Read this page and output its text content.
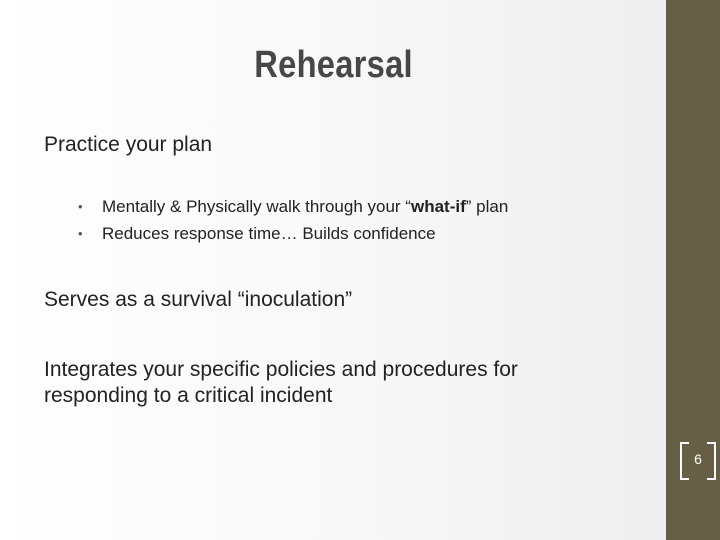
Rehearsal
Practice your plan
• Mentally & Physically walk through your “what-if” plan
• Reduces response time… Builds confidence
Serves as a survival “inoculation”
Integrates your specific policies and procedures for responding to a critical incident
6
